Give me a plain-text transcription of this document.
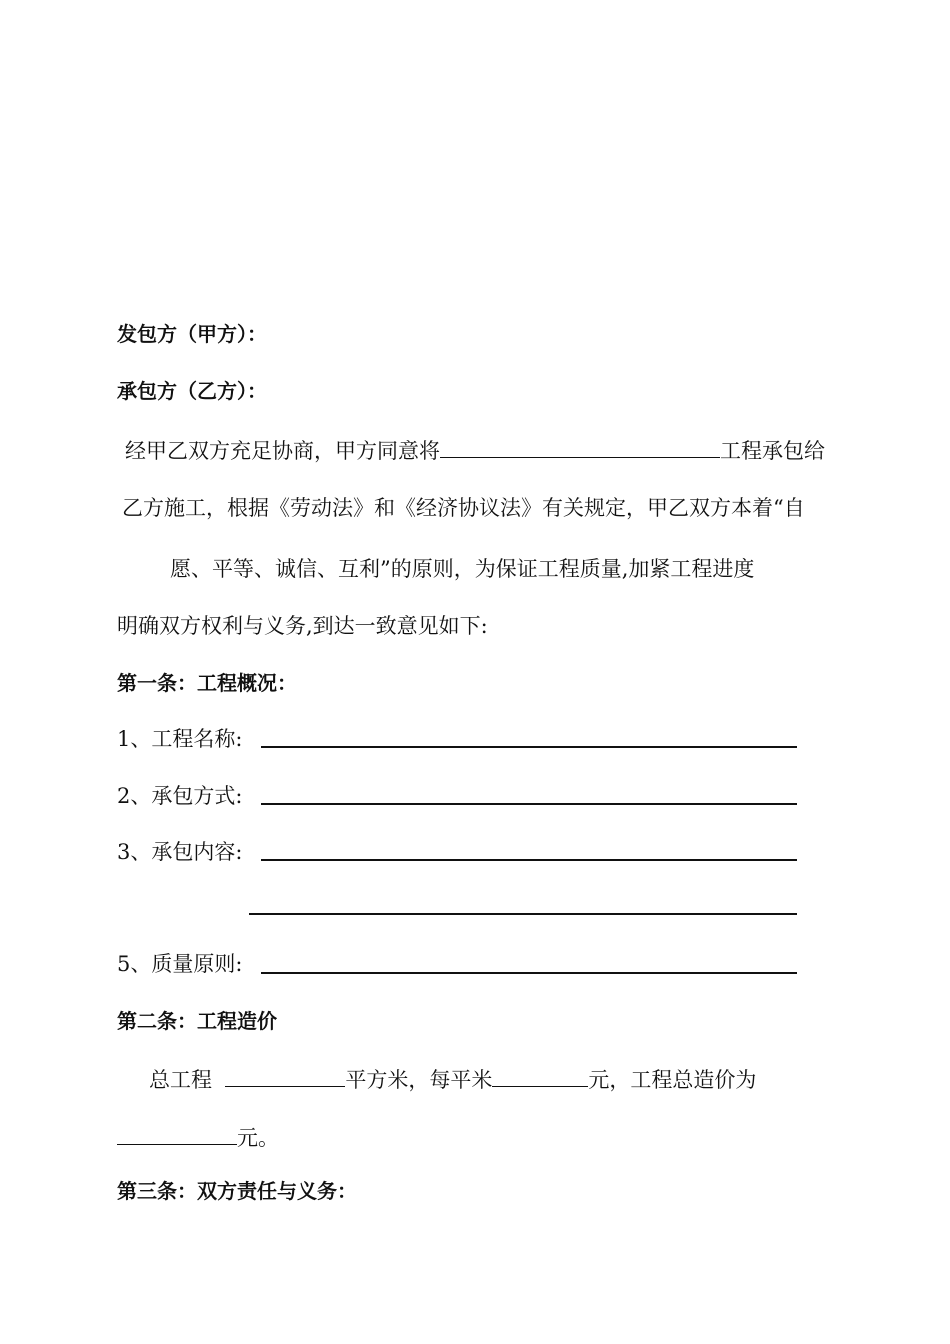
发包方（甲方）：
承包方（乙方）：
经甲乙双方充足协商，甲方同意将	工程承包给
乙方施工，根据《劳动法》和《经济协议法》有关规定，甲乙双方本着“自
愿、平等、诚信、互利”的原则，为保证工程质量,加紧工程进度
明确双方权利与义务,到达一致意见如下:
第一条：工程概况：
1、工程名称:
2、承包方式:
3、承包内容:
5、质量原则:
第二条：工程造价
总工程	平方米，每平米	元，工程总造价为
元。
第三条：双方责任与义务：
